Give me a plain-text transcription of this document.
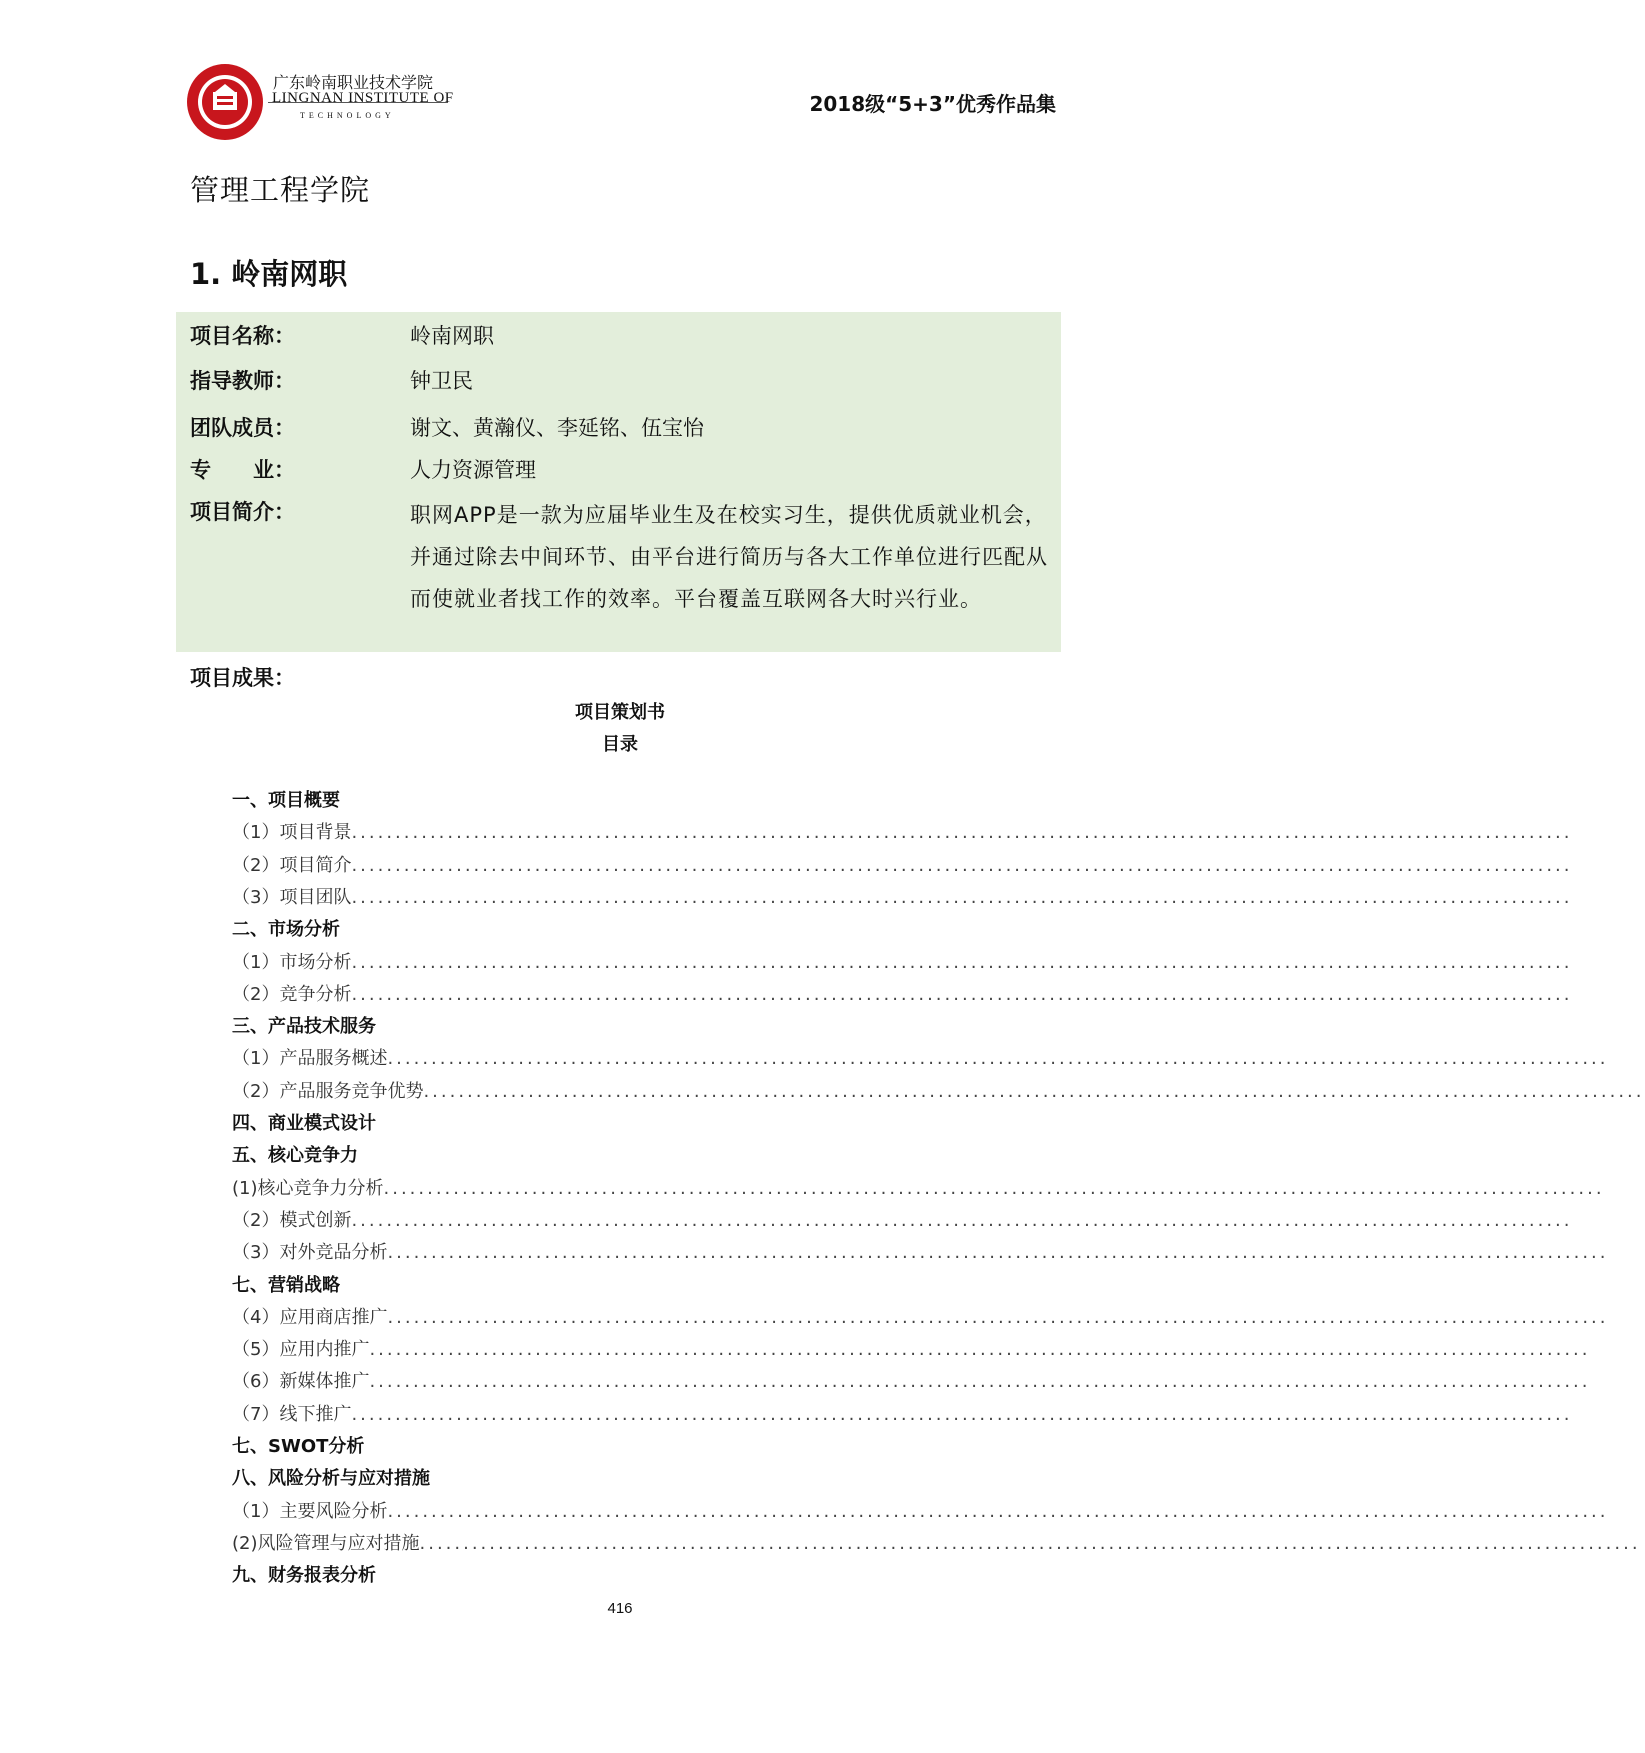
广东岭南职业技术学院
LINGNAN INSTITUTE OF
TECHNOLOGY	2018级“5+3”优秀作品集
管理工程学院
1. 岭南网职
项目名称：	岭南网职
指导教师：	钟卫民
团队成员：	谢文、黄瀚仪、李延铭、伍宝怡
专　　业：	人力资源管理
项目简介：	职网APP是一款为应届毕业生及在校实习生，提供优质就业机会，并通过除去中间环节、由平台进行简历与各大工作单位进行匹配从而使就业者找工作的效率。平台覆盖互联网各大时兴行业。
项目成果：
项目策划书
目录
一、项目概要
（1）项目背景............................................................................................................................................
（2）项目简介............................................................................................................................................
（3）项目团队............................................................................................................................................
二、市场分析
（1）市场分析............................................................................................................................................
（2）竞争分析............................................................................................................................................
三、产品技术服务
（1）产品服务概述............................................................................................................................................
（2）产品服务竞争优势............................................................................................................................................
四、商业模式设计
五、核心竞争力
(1)核心竞争力分析............................................................................................................................................
（2）模式创新............................................................................................................................................
（3）对外竞品分析............................................................................................................................................
七、营销战略
（4）应用商店推广............................................................................................................................................
（5）应用内推广............................................................................................................................................
（6）新媒体推广............................................................................................................................................
（7）线下推广............................................................................................................................................
七、SWOT分析
八、风险分析与应对措施
（1）主要风险分析............................................................................................................................................
(2)风险管理与应对措施............................................................................................................................................
九、财务报表分析
416
